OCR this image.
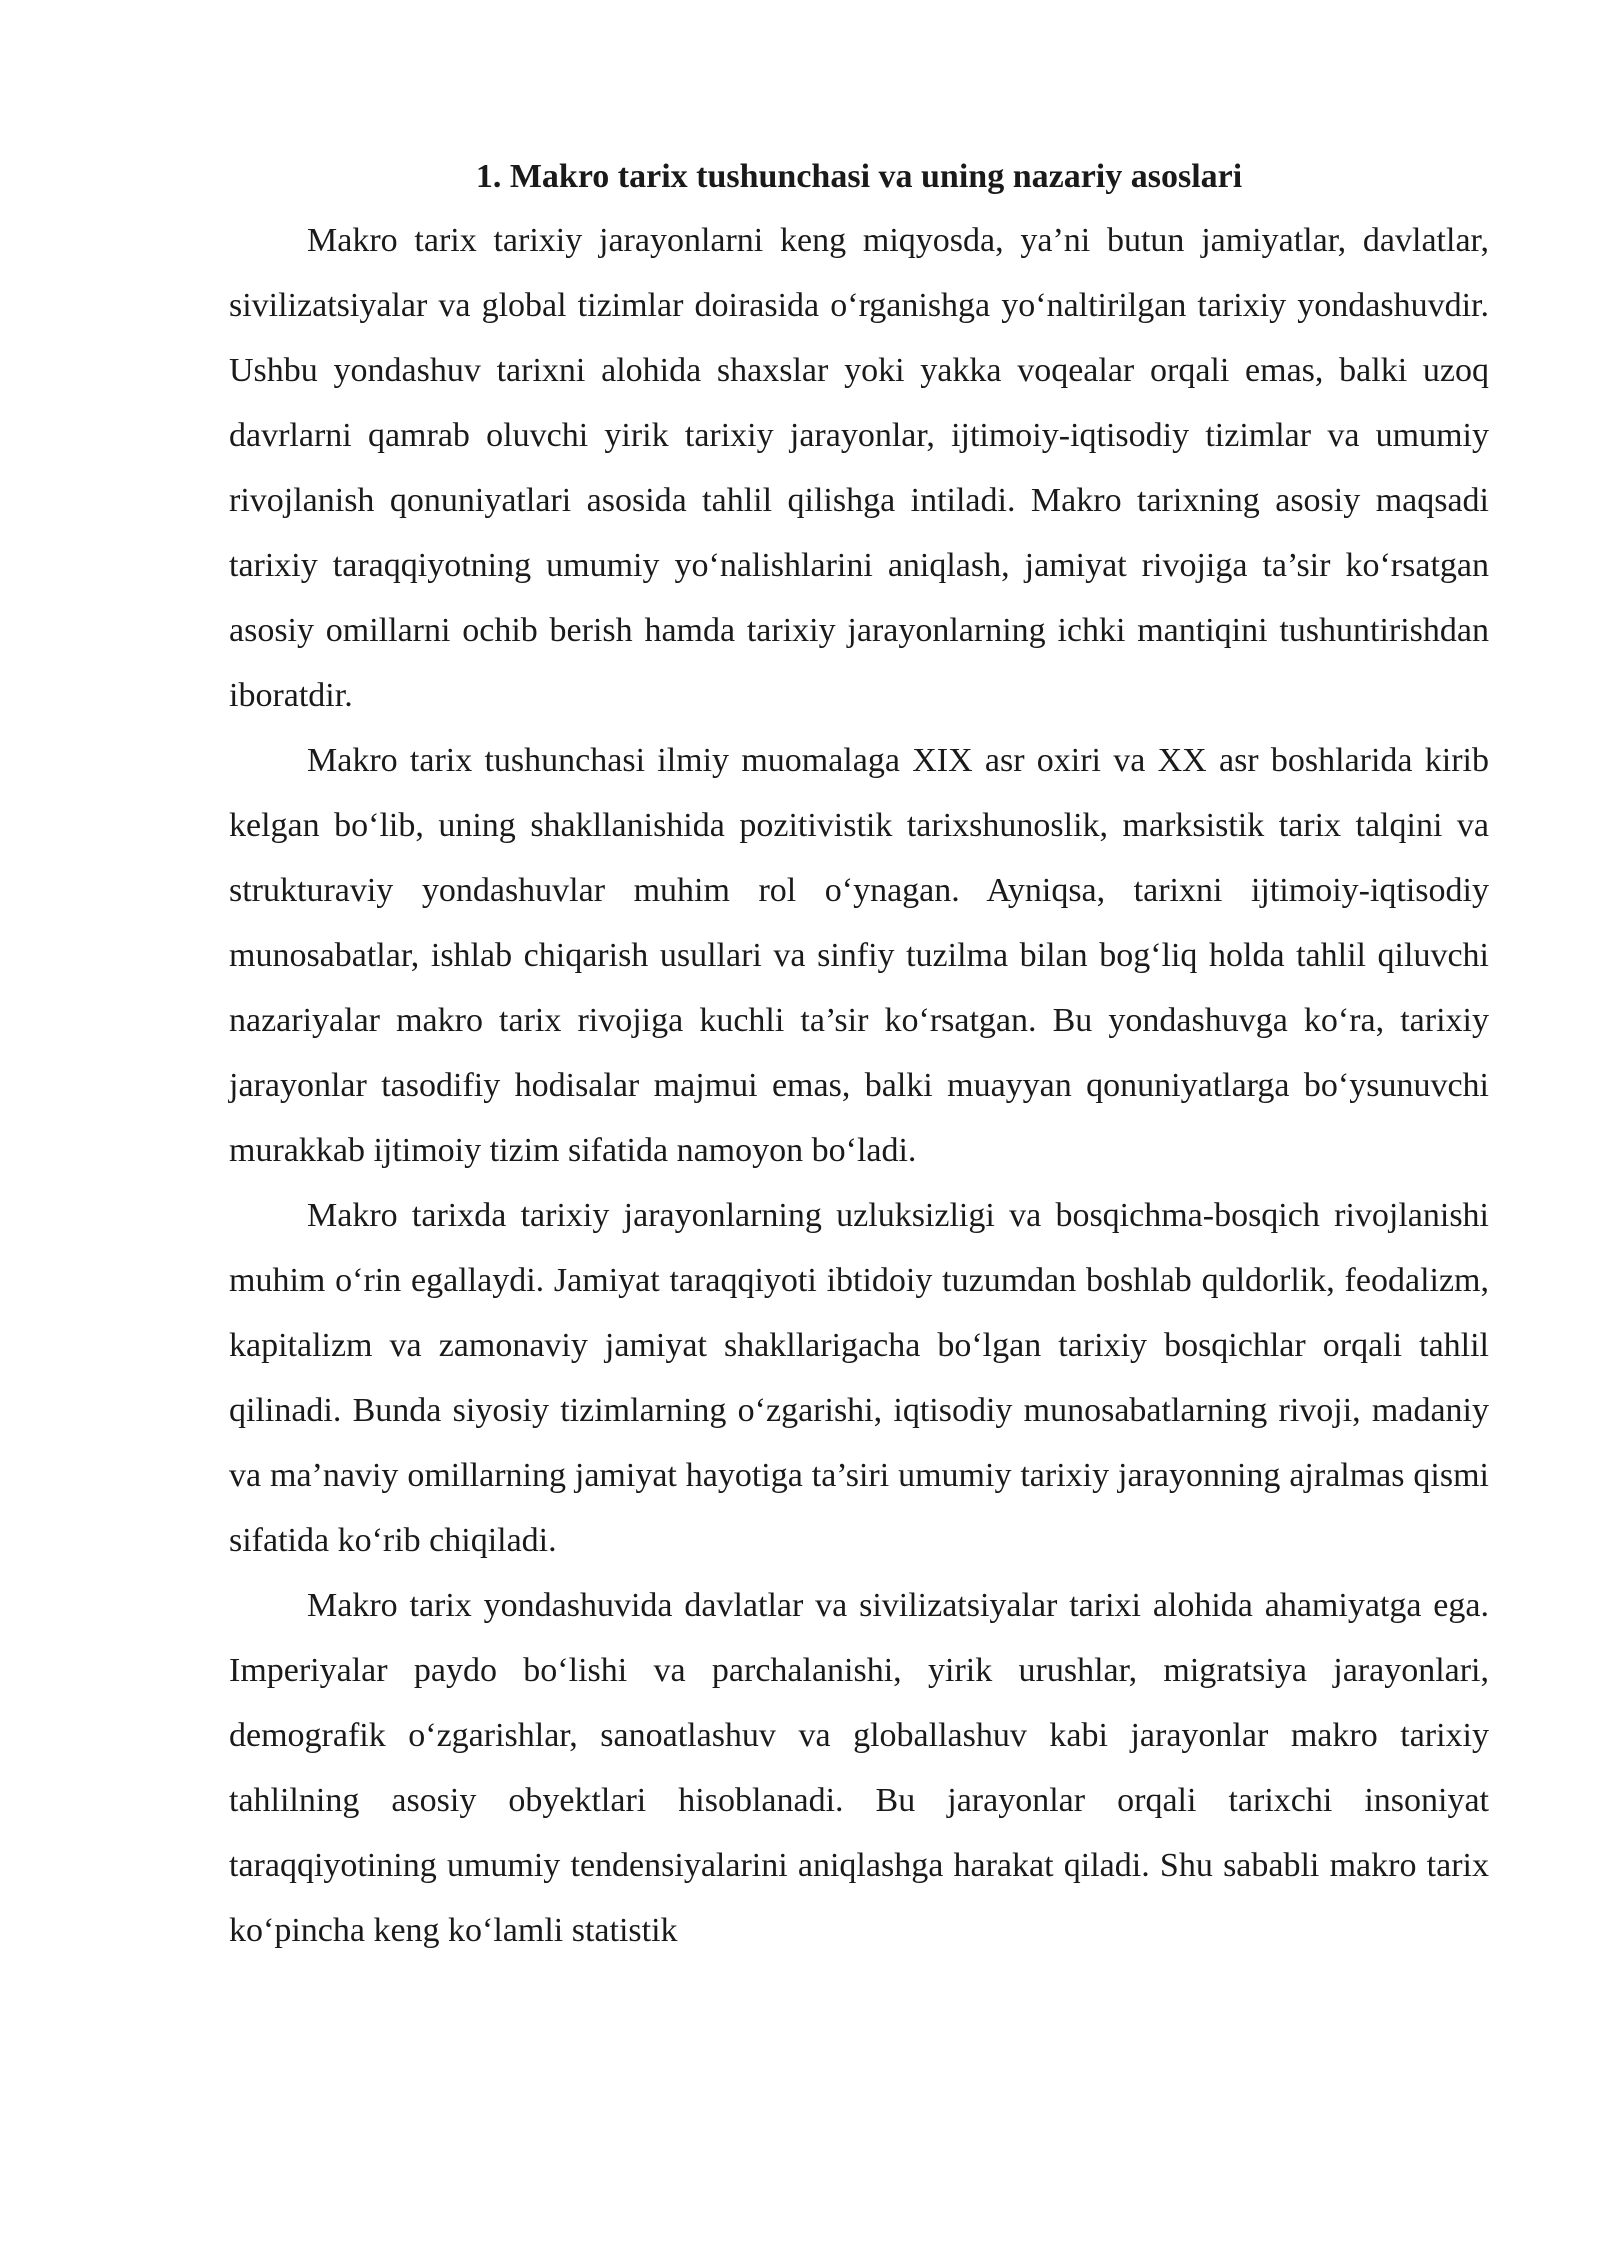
1. Makro tarix tushunchasi va uning nazariy asoslari

Makro tarix tarixiy jarayonlarni keng miqyosda, ya’ni butun jamiyatlar, davlatlar, sivilizatsiyalar va global tizimlar doirasida o‘rganishga yo‘naltirilgan tarixiy yondashuvdir. Ushbu yondashuv tarixni alohida shaxslar yoki yakka voqealar orqali emas, balki uzoq davrlarni qamrab oluvchi yirik tarixiy jarayonlar, ijtimoiy-iqtisodiy tizimlar va umumiy rivojlanish qonuniyatlari asosida tahlil qilishga intiladi. Makro tarixning asosiy maqsadi tarixiy taraqqiyotning umumiy yo‘nalishlarini aniqlash, jamiyat rivojiga ta’sir ko‘rsatgan asosiy omillarni ochib berish hamda tarixiy jarayonlarning ichki mantiqini tushuntirishdan iboratdir.

Makro tarix tushunchasi ilmiy muomalaga XIX asr oxiri va XX asr boshlarida kirib kelgan bo‘lib, uning shakllanishida pozitivistik tarixshunoslik, marksistik tarix talqini va strukturaviy yondashuvlar muhim rol o‘ynagan. Ayniqsa, tarixni ijtimoiy-iqtisodiy munosabatlar, ishlab chiqarish usullari va sinfiy tuzilma bilan bog‘liq holda tahlil qiluvchi nazariyalar makro tarix rivojiga kuchli ta’sir ko‘rsatgan. Bu yondashuvga ko‘ra, tarixiy jarayonlar tasodifiy hodisalar majmui emas, balki muayyan qonuniyatlarga bo‘ysunuvchi murakkab ijtimoiy tizim sifatida namoyon bo‘ladi.

Makro tarixda tarixiy jarayonlarning uzluksizligi va bosqichma-bosqich rivojlanishi muhim o‘rin egallaydi. Jamiyat taraqqiyoti ibtidoiy tuzumdan boshlab quldorlik, feodalizm, kapitalizm va zamonaviy jamiyat shakllarigacha bo‘lgan tarixiy bosqichlar orqali tahlil qilinadi. Bunda siyosiy tizimlarning o‘zgarishi, iqtisodiy munosabatlarning rivoji, madaniy va ma’naviy omillarning jamiyat hayotiga ta’siri umumiy tarixiy jarayonning ajralmas qismi sifatida ko‘rib chiqiladi.

Makro tarix yondashuvida davlatlar va sivilizatsiyalar tarixi alohida ahamiyatga ega. Imperiyalar paydo bo‘lishi va parchalanishi, yirik urushlar, migratsiya jarayonlari, demografik o‘zgarishlar, sanoatlashuv va globallashuv kabi jarayonlar makro tarixiy tahlilning asosiy obyektlari hisoblanadi. Bu jarayonlar orqali tarixchi insoniyat taraqqiyotining umumiy tendensiyalarini aniqlashga harakat qiladi. Shu sababli makro tarix ko‘pincha keng ko‘lamli statistik
